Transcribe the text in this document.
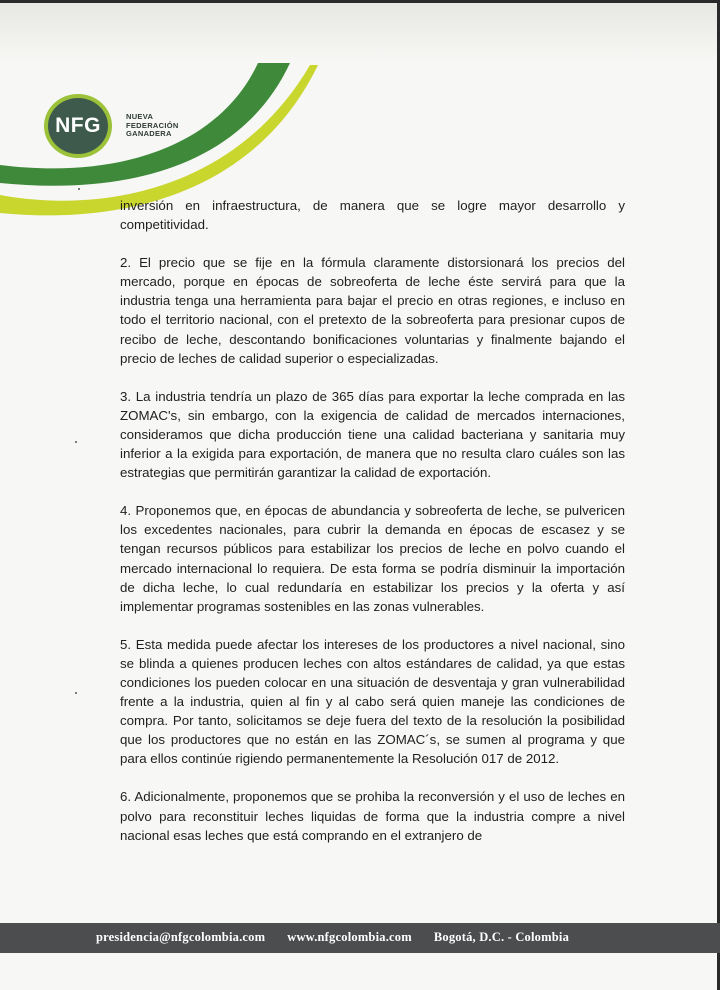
NFG	NUEVA
FEDERACIÓN
GANADERA

inversión en infraestructura, de manera que se logre mayor desarrollo y competitividad.

2. El precio que se fije en la fórmula claramente distorsionará los precios del mercado, porque en épocas de sobreoferta de leche éste servirá para que la industria tenga una herramienta para bajar el precio en otras regiones, e incluso en todo el territorio nacional, con el pretexto de la sobreoferta para presionar cupos de recibo de leche, descontando bonificaciones voluntarias y finalmente bajando el precio de leches de calidad superior o especializadas.

3. La industria tendría un plazo de 365 días para exportar la leche comprada en las ZOMAC's, sin embargo, con la exigencia de calidad de mercados internaciones, consideramos que dicha producción tiene una calidad bacteriana y sanitaria muy inferior a la exigida para exportación, de manera que no resulta claro cuáles son las estrategias que permitirán garantizar la calidad de exportación.

4. Proponemos que, en épocas de abundancia y sobreoferta de leche, se pulvericen los excedentes nacionales, para cubrir la demanda en épocas de escasez y se tengan recursos públicos para estabilizar los precios de leche en polvo cuando el mercado internacional lo requiera. De esta forma se podría disminuir la importación de dicha leche, lo cual redundaría en estabilizar los precios y la oferta y así implementar programas sostenibles en las zonas vulnerables.

5. Esta medida puede afectar los intereses de los productores a nivel nacional, sino se blinda a quienes producen leches con altos estándares de calidad, ya que estas condiciones los pueden colocar en una situación de desventaja y gran vulnerabilidad frente a la industria, quien al fin y al cabo será quien maneje las condiciones de compra. Por tanto, solicitamos se deje fuera del texto de la resolución la posibilidad que los productores que no están en las ZOMAC´s, se sumen al programa y que para ellos continúe rigiendo permanentemente la Resolución 017 de 2012.

6. Adicionalmente, proponemos que se prohiba la reconversión y el uso de leches en polvo para reconstituir leches liquidas de forma que la industria compre a nivel nacional esas leches que está comprando en el extranjero de

presidencia@nfgcolombia.com www.nfgcolombia.com Bogotá, D.C. - Colombia
